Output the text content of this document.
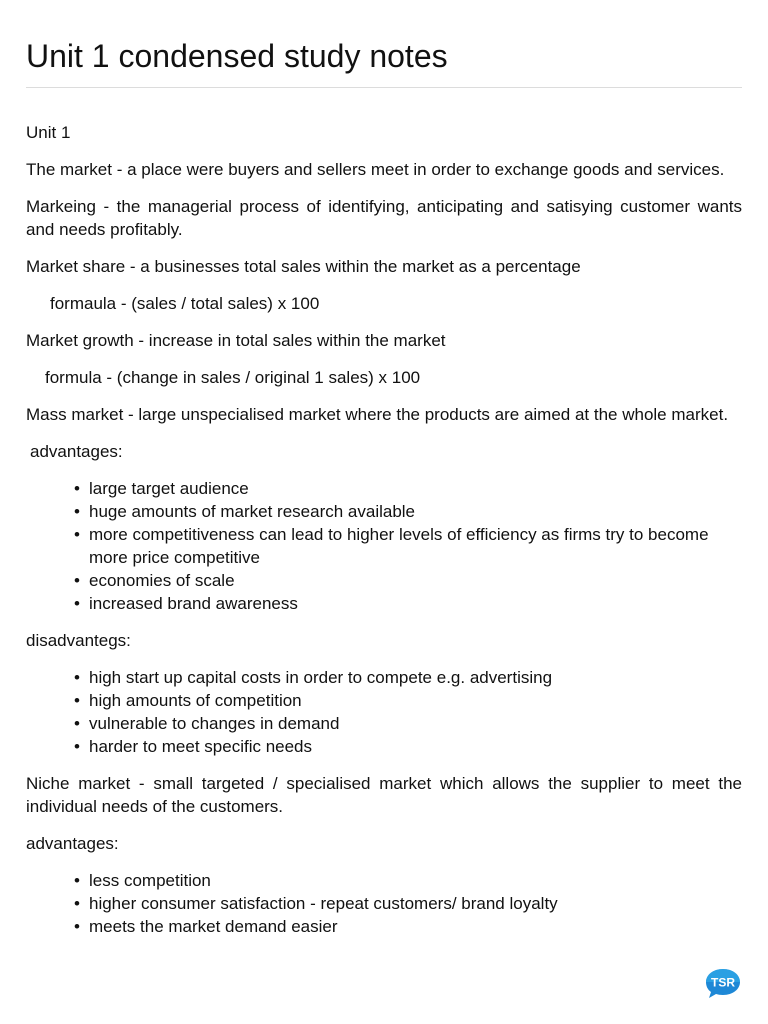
Unit 1 condensed study notes

Unit 1

The market - a place were buyers and sellers meet in order to exchange goods and services.

Markeing - the managerial process of identifying, anticipating and satisying customer wants and needs profitably.

Market share - a businesses total sales within the market as a percentage

formaula - (sales / total sales) x 100

Market growth - increase in total sales within the market

formula - (change in sales / original 1 sales) x 100

Mass market - large unspecialised market where the products are aimed at the whole market.

advantages:

• large target audience
• huge amounts of market research available
• more competitiveness can lead to higher levels of efficiency as firms try to become more price competitive
• economies of scale
• increased brand awareness

disadvantegs:

• high start up capital costs in order to compete e.g. advertising
• high amounts of competition
• vulnerable to changes in demand
• harder to meet specific needs

Niche market - small targeted / specialised market which allows the supplier to meet the individual needs of the customers.

advantages:

• less competition
• higher consumer satisfaction - repeat customers/ brand loyalty
• meets the market demand easier
TSR
